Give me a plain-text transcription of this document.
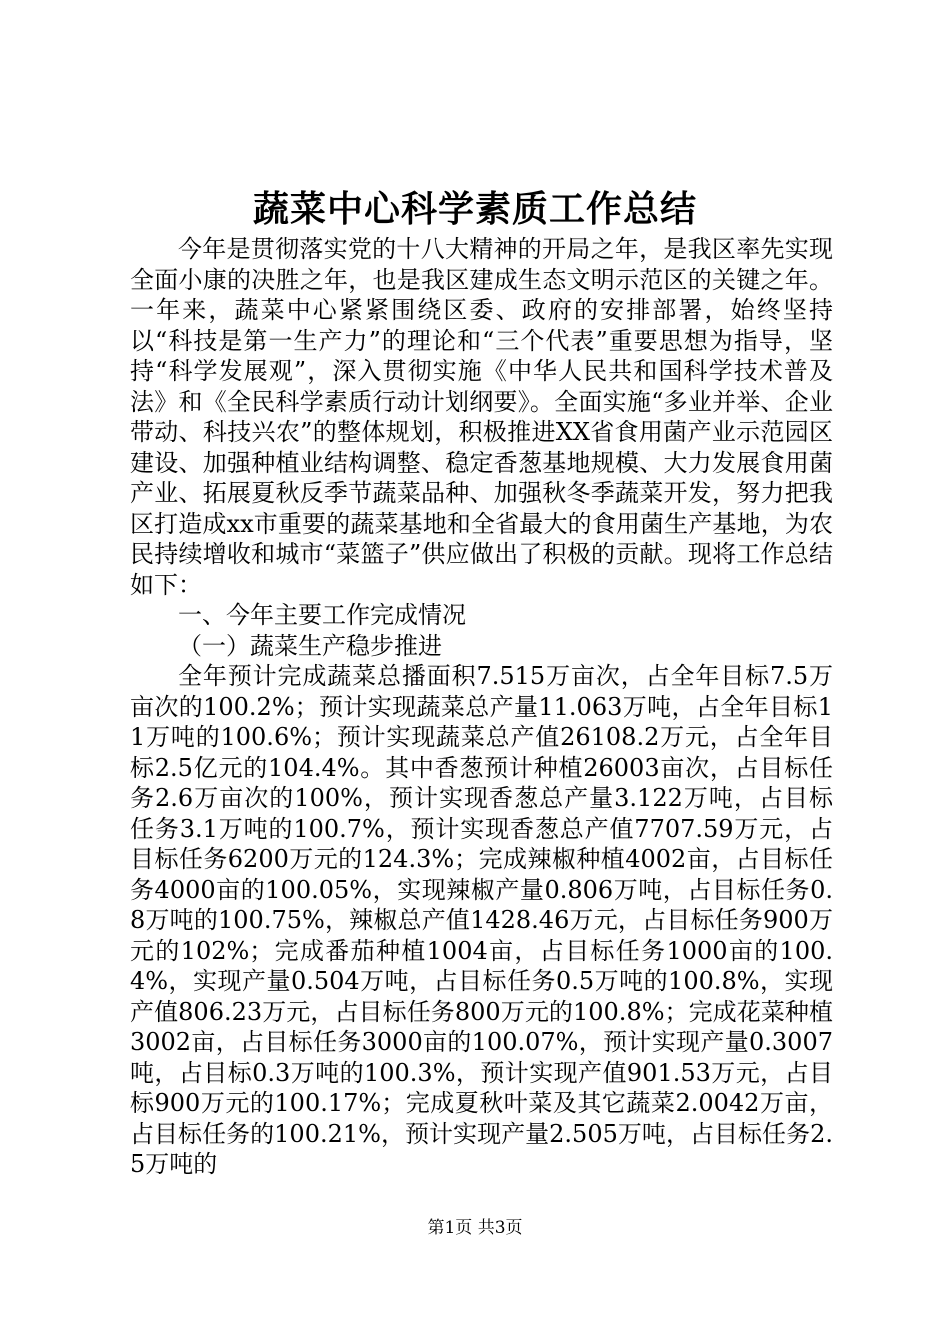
蔬菜中心科学素质工作总结

今年是贯彻落实党的十八大精神的开局之年，是我区率先实现全面小康的决胜之年，也是我区建成生态文明示范区的关键之年。一年来，蔬菜中心紧紧围绕区委、政府的安排部署，始终坚持以“科技是第一生产力”的理论和“三个代表”重要思想为指导，坚持“科学发展观”，深入贯彻实施《中华人民共和国科学技术普及法》和《全民科学素质行动计划纲要》。全面实施“多业并举、企业带动、科技兴农”的整体规划，积极推进XX省食用菌产业示范园区建设、加强种植业结构调整、稳定香葱基地规模、大力发展食用菌产业、拓展夏秋反季节蔬菜品种、加强秋冬季蔬菜开发，努力把我区打造成xx市重要的蔬菜基地和全省最大的食用菌生产基地，为农民持续增收和城市“菜篮子”供应做出了积极的贡献。现将工作总结如下：

一、今年主要工作完成情况

（一）蔬菜生产稳步推进

全年预计完成蔬菜总播面积7.515万亩次，占全年目标7.5万亩次的100.2%；预计实现蔬菜总产量11.063万吨，占全年目标11万吨的100.6%；预计实现蔬菜总产值26108.2万元，占全年目标2.5亿元的104.4%。其中香葱预计种植26003亩次，占目标任务2.6万亩次的100%，预计实现香葱总产量3.122万吨，占目标任务3.1万吨的100.7%，预计实现香葱总产值7707.59万元，占目标任务6200万元的124.3%；完成辣椒种植4002亩，占目标任务4000亩的100.05%，实现辣椒产量0.806万吨，占目标任务0.8万吨的100.75%，辣椒总产值1428.46万元，占目标任务900万元的102%；完成番茄种植1004亩，占目标任务1000亩的100.4%，实现产量0.504万吨，占目标任务0.5万吨的100.8%，实现产值806.23万元，占目标任务800万元的100.8%；完成花菜种植3002亩，占目标任务3000亩的100.07%，预计实现产量0.3007吨，占目标0.3万吨的100.3%，预计实现产值901.53万元，占目标900万元的100.17%；完成夏秋叶菜及其它蔬菜2.0042万亩，占目标任务的100.21%，预计实现产量2.505万吨，占目标任务2.5万吨的

第1页 共3页
